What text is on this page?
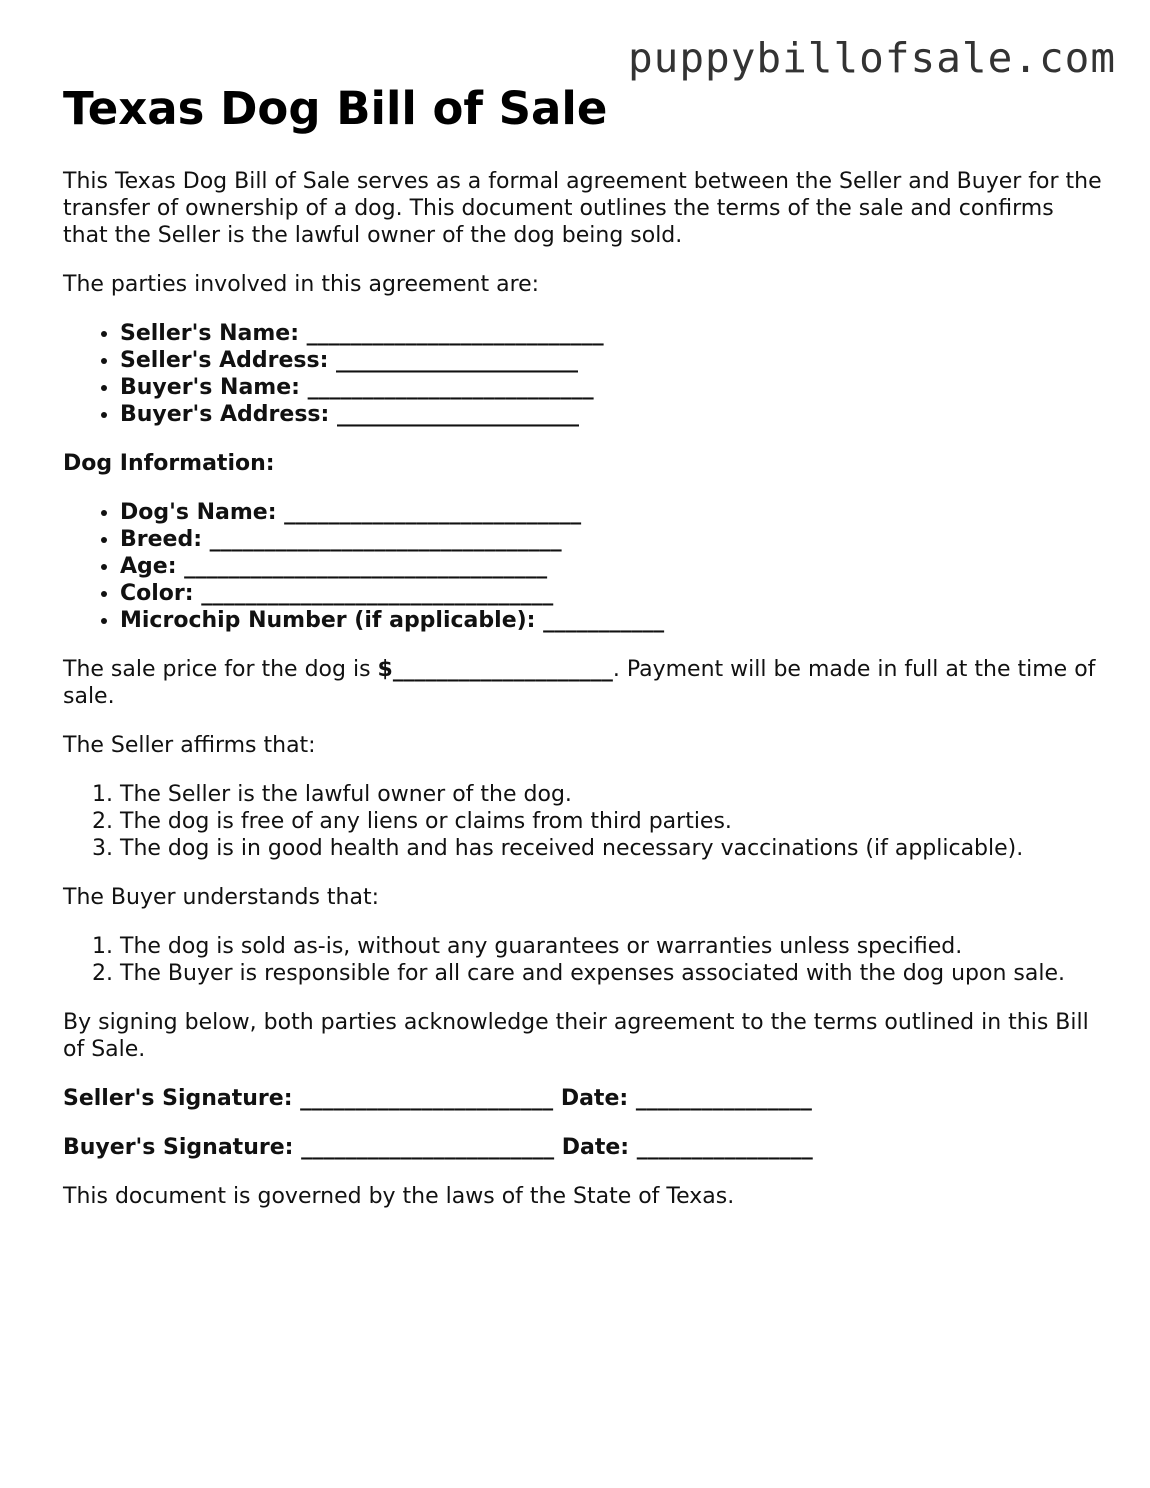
puppybillofsale.com
Texas Dog Bill of Sale

This Texas Dog Bill of Sale serves as a formal agreement between the Seller and Buyer for the transfer of ownership of a dog. This document outlines the terms of the sale and confirms that the Seller is the lawful owner of the dog being sold.

The parties involved in this agreement are:

• Seller's Name: ___________________________
• Seller's Address: ______________________
• Buyer's Name: __________________________
• Buyer's Address: ______________________

Dog Information:

• Dog's Name: ___________________________
• Breed: ________________________________
• Age: _________________________________
• Color: ________________________________
• Microchip Number (if applicable): ___________

The sale price for the dog is $____________________. Payment will be made in full at the time of sale.

The Seller affirms that:

1. The Seller is the lawful owner of the dog.
2. The dog is free of any liens or claims from third parties.
3. The dog is in good health and has received necessary vaccinations (if applicable).

The Buyer understands that:

1. The dog is sold as-is, without any guarantees or warranties unless specified.
2. The Buyer is responsible for all care and expenses associated with the dog upon sale.

By signing below, both parties acknowledge their agreement to the terms outlined in this Bill of Sale.

Seller's Signature: _______________________ Date: ________________

Buyer's Signature: _______________________ Date: ________________

This document is governed by the laws of the State of Texas.
